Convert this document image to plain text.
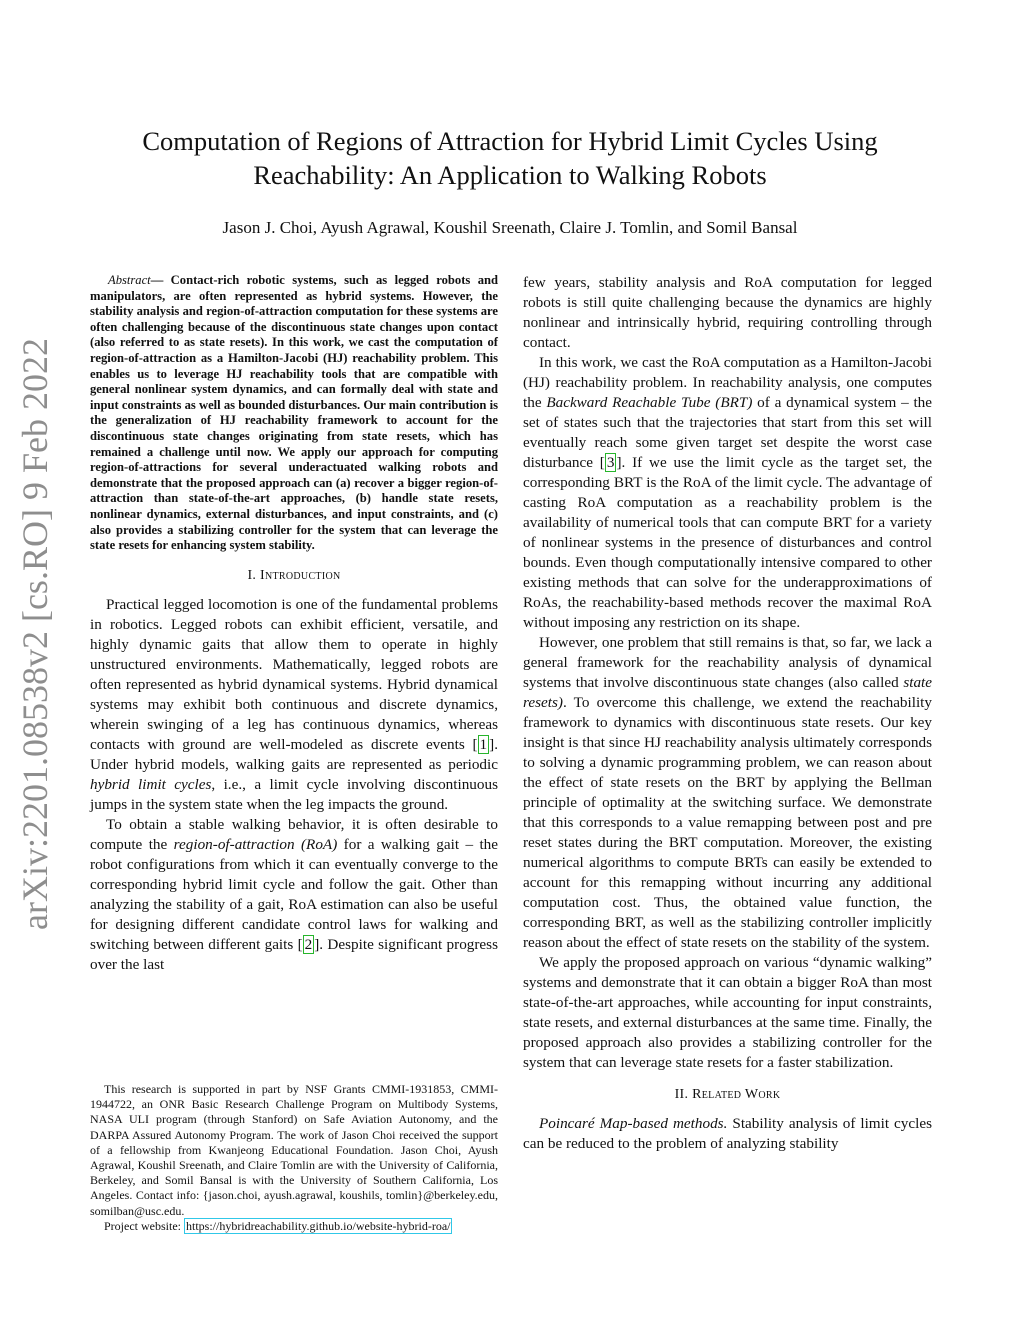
arXiv:2201.08538v2 [cs.RO] 9 Feb 2022
Computation of Regions of Attraction for Hybrid Limit Cycles Using Reachability: An Application to Walking Robots
Jason J. Choi, Ayush Agrawal, Koushil Sreenath, Claire J. Tomlin, and Somil Bansal

Abstract— Contact-rich robotic systems, such as legged robots and manipulators, are often represented as hybrid systems. However, the stability analysis and region-of-attraction computation for these systems are often challenging because of the discontinuous state changes upon contact (also referred to as state resets). In this work, we cast the computation of region-of-attraction as a Hamilton-Jacobi (HJ) reachability problem. This enables us to leverage HJ reachability tools that are compatible with general nonlinear system dynamics, and can formally deal with state and input constraints as well as bounded disturbances. Our main contribution is the generalization of HJ reachability framework to account for the discontinuous state changes originating from state resets, which has remained a challenge until now. We apply our approach for computing region-of-attractions for several underactuated walking robots and demonstrate that the proposed approach can (a) recover a bigger region-of-attraction than state-of-the-art approaches, (b) handle state resets, nonlinear dynamics, external disturbances, and input constraints, and (c) also provides a stabilizing controller for the system that can leverage the state resets for enhancing system stability.

I. Introduction

Practical legged locomotion is one of the fundamental problems in robotics. Legged robots can exhibit efficient, versatile, and highly dynamic gaits that allow them to operate in highly unstructured environments. Mathematically, legged robots are often represented as hybrid dynamical systems. Hybrid dynamical systems may exhibit both continuous and discrete dynamics, wherein swinging of a leg has continuous dynamics, whereas contacts with ground are well-modeled as discrete events [ 1 ]. Under hybrid models, walking gaits are represented as periodic hybrid limit cycles, i.e., a limit cycle involving discontinuous jumps in the system state when the leg impacts the ground.

To obtain a stable walking behavior, it is often desirable to compute the region-of-attraction (RoA) for a walking gait – the robot configurations from which it can eventually converge to the corresponding hybrid limit cycle and follow the gait. Other than analyzing the stability of a gait, RoA estimation can also be useful for designing different candidate control laws for walking and switching between different gaits [ 2 ]. Despite significant progress over the last

This research is supported in part by NSF Grants CMMI-1931853, CMMI-1944722, an ONR Basic Research Challenge Program on Multibody Systems, NASA ULI program (through Stanford) on Safe Aviation Autonomy, and the DARPA Assured Autonomy Program. The work of Jason Choi received the support of a fellowship from Kwanjeong Educational Foundation. Jason Choi, Ayush Agrawal, Koushil Sreenath, and Claire Tomlin are with the University of California, Berkeley, and Somil Bansal is with the University of Southern California, Los Angeles. Contact info: {jason.choi, ayush.agrawal, koushils, tomlin}@berkeley.edu, somilban@usc.edu.

Project website: https://hybridreachability.github.io/website-hybrid-roa/

few years, stability analysis and RoA computation for legged robots is still quite challenging because the dynamics are highly nonlinear and intrinsically hybrid, requiring controlling through contact.

In this work, we cast the RoA computation as a Hamilton-Jacobi (HJ) reachability problem. In reachability analysis, one computes the Backward Reachable Tube (BRT) of a dynamical system – the set of states such that the trajectories that start from this set will eventually reach some given target set despite the worst case disturbance [ 3 ]. If we use the limit cycle as the target set, the corresponding BRT is the RoA of the limit cycle. The advantage of casting RoA computation as a reachability problem is the availability of numerical tools that can compute BRT for a variety of nonlinear systems in the presence of disturbances and control bounds. Even though computationally intensive compared to other existing methods that can solve for the underapproximations of RoAs, the reachability-based methods recover the maximal RoA without imposing any restriction on its shape.

However, one problem that still remains is that, so far, we lack a general framework for the reachability analysis of dynamical systems that involve discontinuous state changes (also called state resets). To overcome this challenge, we extend the reachability framework to dynamics with discontinuous state resets. Our key insight is that since HJ reachability analysis ultimately corresponds to solving a dynamic programming problem, we can reason about the effect of state resets on the BRT by applying the Bellman principle of optimality at the switching surface. We demonstrate that this corresponds to a value remapping between post and pre reset states during the BRT computation. Moreover, the existing numerical algorithms to compute BRTs can easily be extended to account for this remapping without incurring any additional computation cost. Thus, the obtained value function, the corresponding BRT, as well as the stabilizing controller implicitly reason about the effect of state resets on the stability of the system.

We apply the proposed approach on various “dynamic walking” systems and demonstrate that it can obtain a bigger RoA than most state-of-the-art approaches, while accounting for input constraints, state resets, and external disturbances at the same time. Finally, the proposed approach also provides a stabilizing controller for the system that can leverage state resets for a faster stabilization.

II. Related Work

Poincaré Map-based methods. Stability analysis of limit cycles can be reduced to the problem of analyzing stability
